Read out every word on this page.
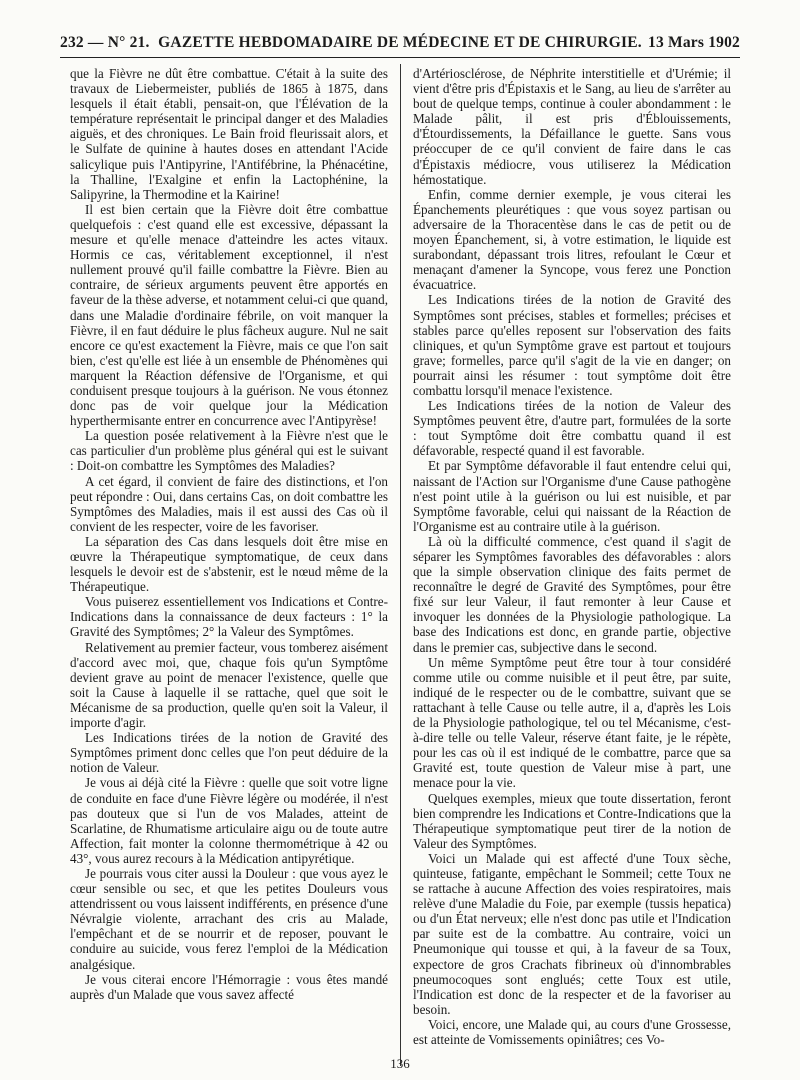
232 — N° 21. GAZETTE HEBDOMADAIRE DE MÉDECINE ET DE CHIRURGIE. 13 Mars 1902

que la Fièvre ne dût être combattue. C'était à la suite des travaux de Liebermeister, publiés de 1865 à 1875, dans lesquels il était établi, pensait-on, que l'Élévation de la température représentait le principal danger et des Maladies aiguës, et des chroniques. Le Bain froid fleurissait alors, et le Sulfate de quinine à hautes doses en attendant l'Acide salicylique puis l'Antipyrine, l'Antifébrine, la Phénacétine, la Thalline, l'Exalgine et enfin la Lactophénine, la Salipyrine, la Thermodine et la Kairine!

Il est bien certain que la Fièvre doit être combattue quelquefois : c'est quand elle est excessive, dépassant la mesure et qu'elle menace d'atteindre les actes vitaux. Hormis ce cas, véritablement exceptionnel, il n'est nullement prouvé qu'il faille combattre la Fièvre. Bien au contraire, de sérieux arguments peuvent être apportés en faveur de la thèse adverse, et notamment celui-ci que quand, dans une Maladie d'ordinaire fébrile, on voit manquer la Fièvre, il en faut déduire le plus fâcheux augure. Nul ne sait encore ce qu'est exactement la Fièvre, mais ce que l'on sait bien, c'est qu'elle est liée à un ensemble de Phénomènes qui marquent la Réaction défensive de l'Organisme, et qui conduisent presque toujours à la guérison. Ne vous étonnez donc pas de voir quelque jour la Médication hyperthermisante entrer en concurrence avec l'Antipyrèse!

La question posée relativement à la Fièvre n'est que le cas particulier d'un problème plus général qui est le suivant : Doit-on combattre les Symptômes des Maladies?

A cet égard, il convient de faire des distinctions, et l'on peut répondre : Oui, dans certains Cas, on doit combattre les Symptômes des Maladies, mais il est aussi des Cas où il convient de les respecter, voire de les favoriser.

La séparation des Cas dans lesquels doit être mise en œuvre la Thérapeutique symptomatique, de ceux dans lesquels le devoir est de s'abstenir, est le nœud même de la Thérapeutique.

Vous puiserez essentiellement vos Indications et Contre-Indications dans la connaissance de deux facteurs : 1° la Gravité des Symptômes; 2° la Valeur des Symptômes.

Relativement au premier facteur, vous tomberez aisément d'accord avec moi, que, chaque fois qu'un Symptôme devient grave au point de menacer l'existence, quelle que soit la Cause à laquelle il se rattache, quel que soit le Mécanisme de sa production, quelle qu'en soit la Valeur, il importe d'agir.

Les Indications tirées de la notion de Gravité des Symptômes priment donc celles que l'on peut déduire de la notion de Valeur.

Je vous ai déjà cité la Fièvre : quelle que soit votre ligne de conduite en face d'une Fièvre légère ou modérée, il n'est pas douteux que si l'un de vos Malades, atteint de Scarlatine, de Rhumatisme articulaire aigu ou de toute autre Affection, fait monter la colonne thermométrique à 42 ou 43°, vous aurez recours à la Médication antipyrétique.

Je pourrais vous citer aussi la Douleur : que vous ayez le cœur sensible ou sec, et que les petites Douleurs vous attendrissent ou vous laissent indifférents, en présence d'une Névralgie violente, arrachant des cris au Malade, l'empêchant et de se nourrir et de reposer, pouvant le conduire au suicide, vous ferez l'emploi de la Médication analgésique.

Je vous citerai encore l'Hémorragie : vous êtes mandé auprès d'un Malade que vous savez affecté

d'Artériosclérose, de Néphrite interstitielle et d'Urémie; il vient d'être pris d'Épistaxis et le Sang, au lieu de s'arrêter au bout de quelque temps, continue à couler abondamment : le Malade pâlit, il est pris d'Éblouissements, d'Étourdissements, la Défaillance le guette. Sans vous préoccuper de ce qu'il convient de faire dans le cas d'Épistaxis médiocre, vous utiliserez la Médication hémostatique.

Enfin, comme dernier exemple, je vous citerai les Épanchements pleurétiques : que vous soyez partisan ou adversaire de la Thoracentèse dans le cas de petit ou de moyen Épanchement, si, à votre estimation, le liquide est surabondant, dépassant trois litres, refoulant le Cœur et menaçant d'amener la Syncope, vous ferez une Ponction évacuatrice.

Les Indications tirées de la notion de Gravité des Symptômes sont précises, stables et formelles; précises et stables parce qu'elles reposent sur l'observation des faits cliniques, et qu'un Symptôme grave est partout et toujours grave; formelles, parce qu'il s'agit de la vie en danger; on pourrait ainsi les résumer : tout symptôme doit être combattu lorsqu'il menace l'existence.

Les Indications tirées de la notion de Valeur des Symptômes peuvent être, d'autre part, formulées de la sorte : tout Symptôme doit être combattu quand il est défavorable, respecté quand il est favorable.

Et par Symptôme défavorable il faut entendre celui qui, naissant de l'Action sur l'Organisme d'une Cause pathogène n'est point utile à la guérison ou lui est nuisible, et par Symptôme favorable, celui qui naissant de la Réaction de l'Organisme est au contraire utile à la guérison.

Là où la difficulté commence, c'est quand il s'agit de séparer les Symptômes favorables des défavorables : alors que la simple observation clinique des faits permet de reconnaître le degré de Gravité des Symptômes, pour être fixé sur leur Valeur, il faut remonter à leur Cause et invoquer les données de la Physiologie pathologique. La base des Indications est donc, en grande partie, objective dans le premier cas, subjective dans le second.

Un même Symptôme peut être tour à tour considéré comme utile ou comme nuisible et il peut être, par suite, indiqué de le respecter ou de le combattre, suivant que se rattachant à telle Cause ou telle autre, il a, d'après les Lois de la Physiologie pathologique, tel ou tel Mécanisme, c'est-à-dire telle ou telle Valeur, réserve étant faite, je le répète, pour les cas où il est indiqué de le combattre, parce que sa Gravité est, toute question de Valeur mise à part, une menace pour la vie.

Quelques exemples, mieux que toute dissertation, feront bien comprendre les Indications et Contre-Indications que la Thérapeutique symptomatique peut tirer de la notion de Valeur des Symptômes.

Voici un Malade qui est affecté d'une Toux sèche, quinteuse, fatigante, empêchant le Sommeil; cette Toux ne se rattache à aucune Affection des voies respiratoires, mais relève d'une Maladie du Foie, par exemple (tussis hepatica) ou d'un État nerveux; elle n'est donc pas utile et l'Indication par suite est de la combattre. Au contraire, voici un Pneumonique qui tousse et qui, à la faveur de sa Toux, expectore de gros Crachats fibrineux où d'innombrables pneumocoques sont englués; cette Toux est utile, l'Indication est donc de la respecter et de la favoriser au besoin.

Voici, encore, une Malade qui, au cours d'une Grossesse, est atteinte de Vomissements opiniâtres; ces Vo-

136
